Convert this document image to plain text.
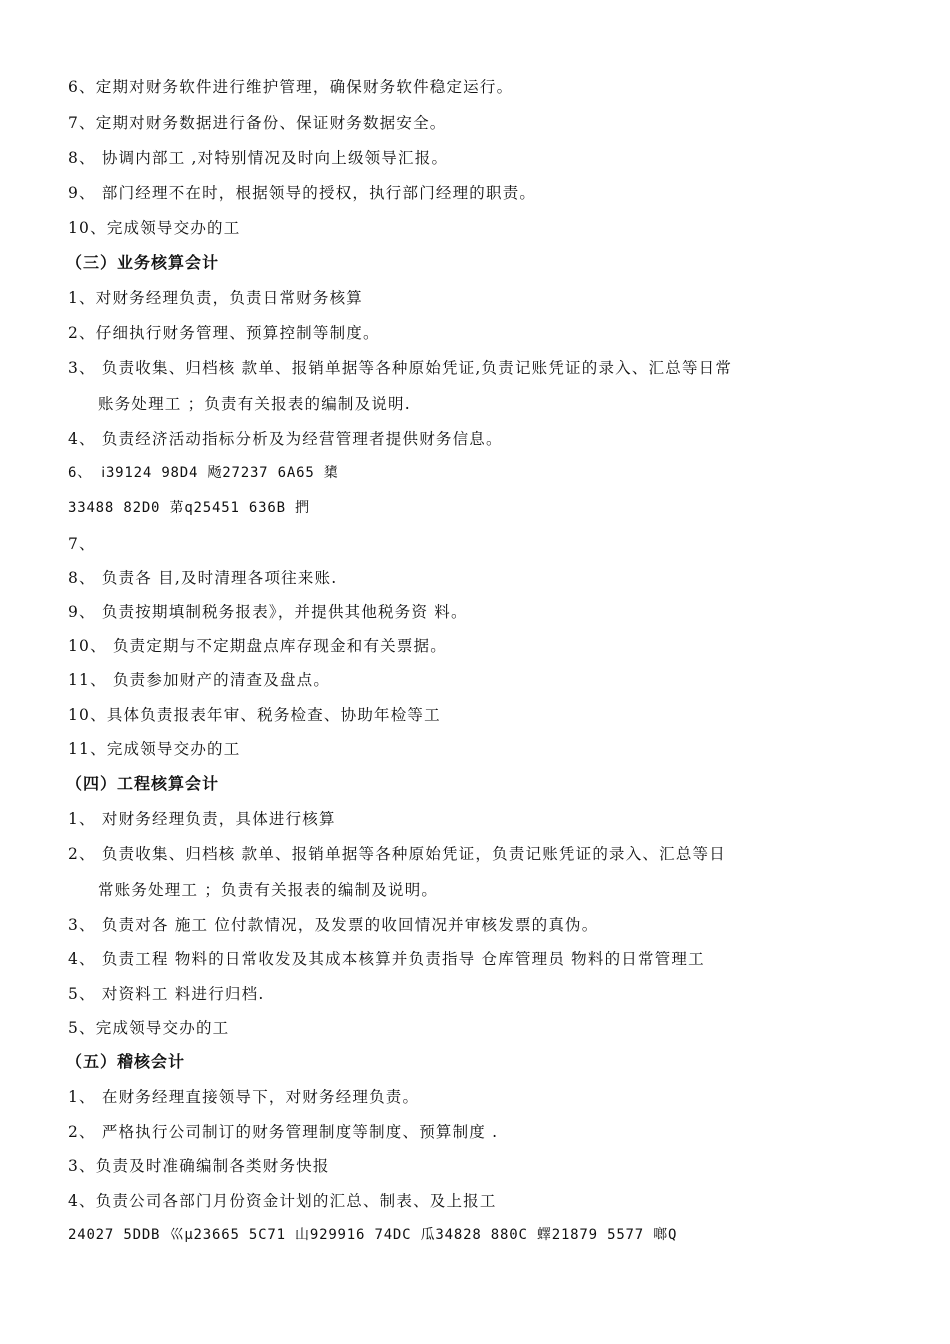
6、定期对财务软件进行维护管理，确保财务软件稳定运行。
7、定期对财务数据进行备份、保证财务数据安全。
8、 协调内部工 ,对特别情况及时向上级领导汇报。
9、 部门经理不在时，根据领导的授权，执行部门经理的职责。
10、完成领导交办的工
（三）业务核算会计
1、对财务经理负责，负责日常财务核算
2、仔细执行财务管理、预算控制等制度。
3、 负责收集、归档核 款单、报销单据等各种原始凭证,负责记账凭证的录入、汇总等日常
账务处理工 ；负责有关报表的编制及说明.
4、 负责经济活动指标分析及为经营管理者提供财务信息。
6、 ⅰ39124 98D4 飏27237 6A65 橥
33488 82D0 苐q25451 636B 捫
7、
8、 负责各 目,及时清理各项往来账.
9、 负责按期填制税务报表》，并提供其他税务资 料。
10、 负责定期与不定期盘点库存现金和有关票据。
11、 负责参加财产的清查及盘点。
10、具体负责报表年审、税务检查、协助年检等工
11、完成领导交办的工
（四）工程核算会计
1、 对财务经理负责，具体进行核算
2、 负责收集、归档核 款单、报销单据等各种原始凭证，负责记账凭证的录入、汇总等日
常账务处理工 ；负责有关报表的编制及说明。
3、 负责对各 施工 位付款情况，及发票的收回情况并审核发票的真伪。
4、 负责工程 物料的日常收发及其成本核算并负责指导 仓库管理员 物料的日常管理工
5、 对资料工 料进行归档.
5、完成领导交办的工
（五）稽核会计
1、 在财务经理直接领导下，对财务经理负责。
2、 严格执行公司制订的财务管理制度等制度、预算制度 .
3、负责及时准确编制各类财务快报
4、负责公司各部门月份资金计划的汇总、制表、及上报工
24027 5DDB 巛μ23665 5C71 山929916 74DC 瓜34828 880C 蠌21879 5577 啷Q
